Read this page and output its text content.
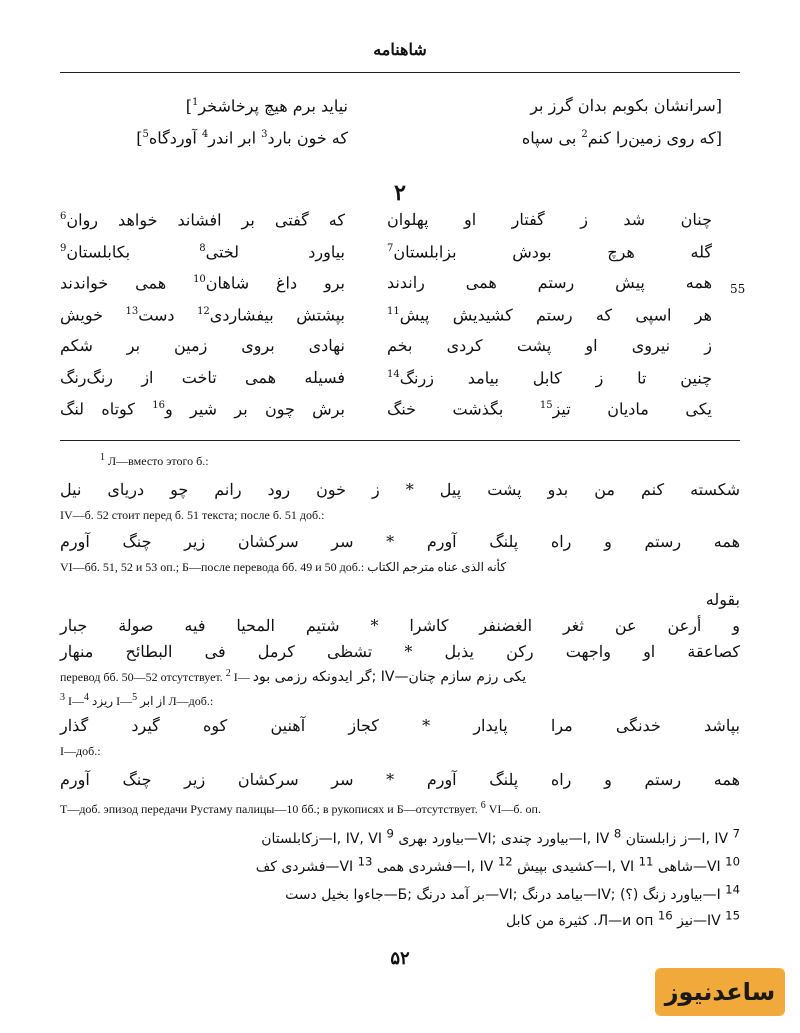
شاهنامه
[سرانشان بکوبم بدان گرز بر
[که روی زمین‌را کنم$^2$ بی سپاه
نیاید برم هیچ پرخاشخر$^1$]
که خون بارد$^3$ ابر اندر$^4$ آوردگاه$^5$]
۲
55
چنان شد ز گفتار او پهلوان
که گفتی بر افشاند خواهد روان$^6$
گله هرچ بودش بزابلستان$^7$
بیاورد لختی$^8$ بکابلستان$^9$
همه پیش رستم همی راندند
برو داغ شاهان$^{10}$ همی خواندند
هر اسپی که رستم کشیدیش پیش$^{11}$
بپشتش بیفشاردی$^{12}$ دست$^{13}$ خویش
ز نیروی او پشت کردی بخم
نهادی بروی زمین بر شکم
چنین تا ز کابل بیامد زرنگ$^{14}$
فسیله همی تاخت از رنگ‌رنگ
یکی مادیان تیز$^{15}$ بگذشت خنگ
برش چون بر شیر و$^{16}$ کوتاه لنگ
$^1$ Л—вместо этого б.:
شکسته کنم من بدو پشت پیل * ز خون رود رانم چو دریای نیل
IV—б. 52 стоит перед б. 51 текста; после б. 51 доб.:
همه رستم و راه پلنگ آورم * سر سرکشان زیر چنگ آورم
VI—бб. 51, 52 и 53 оп.; Б—после перевода бб. 49 и 50 доб.: کأنه الذی عناه مترجم الکتاب
بقوله
و أرعن عن ثغر الغضنفر کاشرا * شتیم المحیا فیه صولة جبار
کصاعقة او واجهت رکن یذبل * تشظی کرمل فی البطائح منهار
перевод бб. 50—52 отсутствует. $^2$ I— یکی رزم سازم چنان—IV ;گر ایدونکه رزمی بود
$^3$ I—ریزد $^4$ I—از ابر $^5$ Л—доб.:
بپاشد خدنگی مرا پایدار * کجاز آهنین کوه گیرد گذار
I—доб.:
همه رستم و راه پلنگ آورم * سر سرکشان زیر چنگ آورم
T—доб. эпизод передачи Рустаму палицы—10 бб.; в рукописях и Б—отсутствует. $^6$ VI—б. оп.
$^7$ I, IV—ز زابلستان $^8$ I, IV—بیاورد چندی ;VI—بیاورد بهری $^9$ I, IV, VI—زکابلستان
$^{10}$ VI—شاهی $^{11}$ I, VI—کشیدی بپیش $^{12}$ I, IV—فشردی همی $^{13}$ VI—فشردی کف
$^{14}$ I—بیاورد زنگ (؟) ;IV—بیامد درنگ ;VI—بر آمد درنگ ;Б—جاءوا بخیل دست
$^{15}$ IV—نیز $^{16}$ Л—и оп. کثیرة من کابل
۵۲
ساعدنیوز
